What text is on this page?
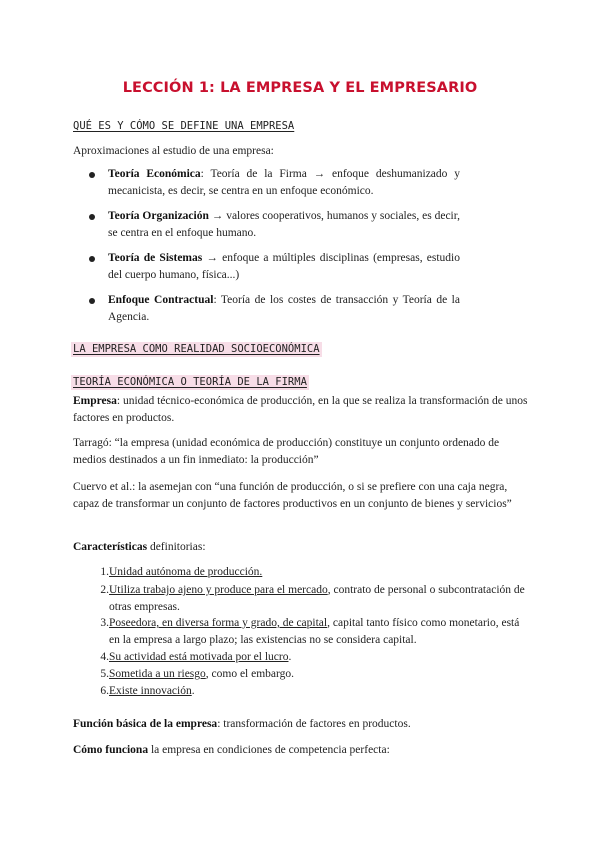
LECCIÓN 1: LA EMPRESA Y EL EMPRESARIO
QUÉ ES Y CÓMO SE DEFINE UNA EMPRESA
Aproximaciones al estudio de una empresa:
Teoría Económica: Teoría de la Firma → enfoque deshumanizado y mecanicista, es decir, se centra en un enfoque económico.
Teoría Organización → valores cooperativos, humanos y sociales, es decir, se centra en el enfoque humano.
Teoría de Sistemas → enfoque a múltiples disciplinas (empresas, estudio del cuerpo humano, física...)
Enfoque Contractual: Teoría de los costes de transacción y Teoría de la Agencia.
LA EMPRESA COMO REALIDAD SOCIOECONÓMICA
TEORÍA ECONÓMICA O TEORÍA DE LA FIRMA
Empresa: unidad técnico-económica de producción, en la que se realiza la transformación de unos factores en productos.
Tarragó: “la empresa (unidad económica de producción) constituye un conjunto ordenado de medios destinados a un fin inmediato: la producción”
Cuervo et al.: la asemejan con “una función de producción, o si se prefiere con una caja negra, capaz de transformar un conjunto de factores productivos en un conjunto de bienes y servicios”
Características definitorias:
1. Unidad autónoma de producción.
2. Utiliza trabajo ajeno y produce para el mercado, contrato de personal o subcontratación de otras empresas.
3. Poseedora, en diversa forma y grado, de capital, capital tanto físico como monetario, está en la empresa a largo plazo; las existencias no se considera capital.
4. Su actividad está motivada por el lucro.
5. Sometida a un riesgo, como el embargo.
6. Existe innovación.
Función básica de la empresa: transformación de factores en productos.
Cómo funciona la empresa en condiciones de competencia perfecta:
